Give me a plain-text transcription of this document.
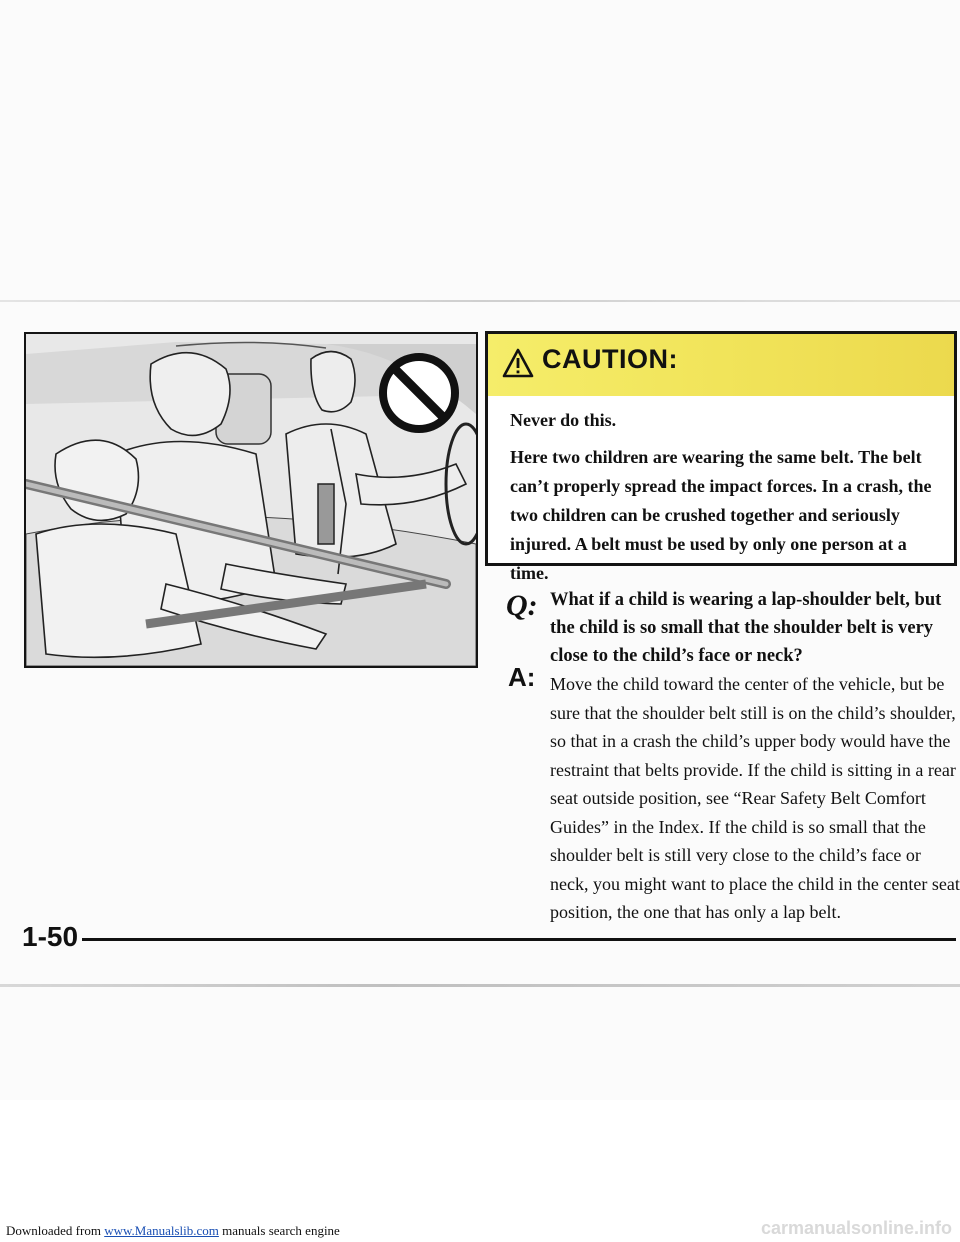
CAUTION:

Never do this.

Here two children are wearing the same belt. The belt can’t properly spread the impact forces. In a crash, the two children can be crushed together and seriously injured. A belt must be used by only one person at a time.

Q: What if a child is wearing a lap-shoulder belt, but the child is so small that the shoulder belt is very close to the child’s face or neck?
A: Move the child toward the center of the vehicle, but be sure that the shoulder belt still is on the child’s shoulder, so that in a crash the child’s upper body would have the restraint that belts provide. If the child is sitting in a rear seat outside position, see “Rear Safety Belt Comfort Guides” in the Index. If the child is so small that the shoulder belt is still very close to the child’s face or neck, you might want to place the child in the center seat position, the one that has only a lap belt.
1-50
Downloaded from www.Manualslib.com manuals search engine	carmanualsonline.info
